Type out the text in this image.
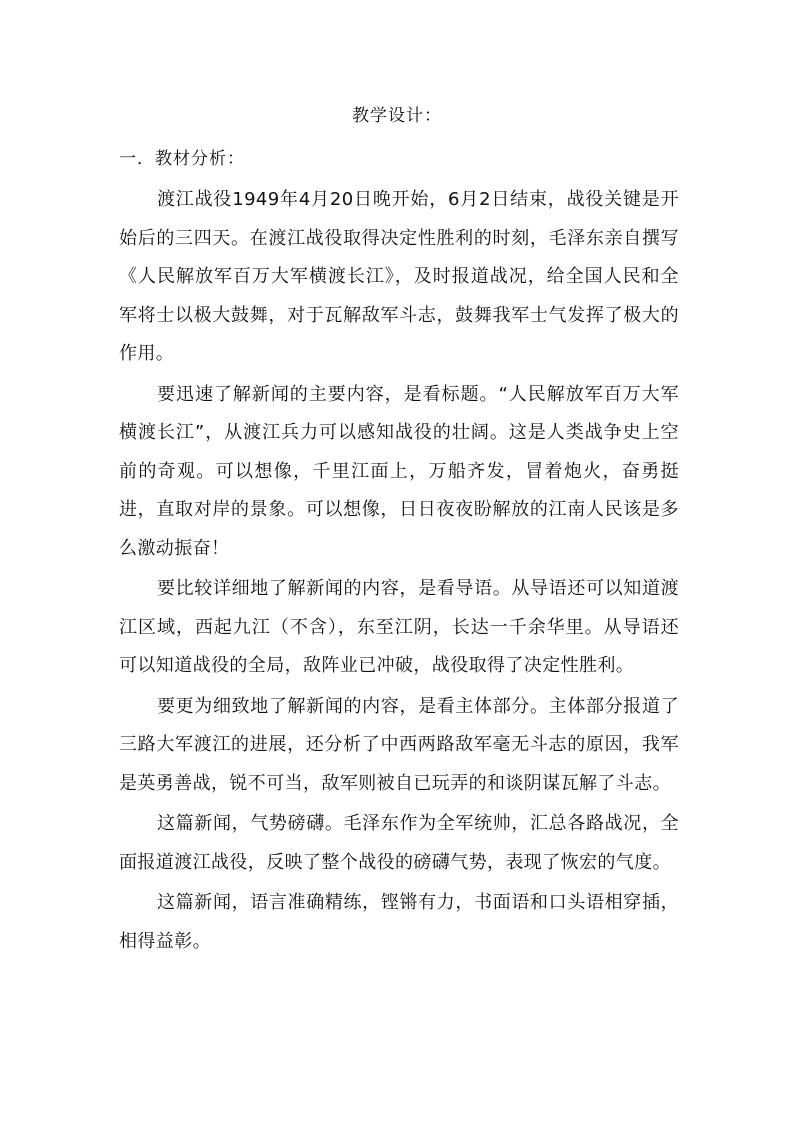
教学设计：
一．教材分析：

渡江战役1949年4月20日晚开始，6月2日结束，战役关键是开始后的三四天。在渡江战役取得决定性胜利的时刻，毛泽东亲自撰写《人民解放军百万大军横渡长江》，及时报道战况，给全国人民和全军将士以极大鼓舞，对于瓦解敌军斗志，鼓舞我军士气发挥了极大的作用。

要迅速了解新闻的主要内容，是看标题。“人民解放军百万大军横渡长江”，从渡江兵力可以感知战役的壮阔。这是人类战争史上空前的奇观。可以想像，千里江面上，万船齐发，冒着炮火，奋勇挺进，直取对岸的景象。可以想像，日日夜夜盼解放的江南人民该是多么激动振奋！

要比较详细地了解新闻的内容，是看导语。从导语还可以知道渡江区域，西起九江（不含），东至江阴，长达一千余华里。从导语还可以知道战役的全局，敌阵业已冲破，战役取得了决定性胜利。

要更为细致地了解新闻的内容，是看主体部分。主体部分报道了三路大军渡江的进展，还分析了中西两路敌军毫无斗志的原因，我军是英勇善战，锐不可当，敌军则被自已玩弄的和谈阴谋瓦解了斗志。

这篇新闻，气势磅礴。毛泽东作为全军统帅，汇总各路战况，全面报道渡江战役，反映了整个战役的磅礴气势，表现了恢宏的气度。

这篇新闻，语言准确精练，铿锵有力，书面语和口头语相穿插，相得益彰。
